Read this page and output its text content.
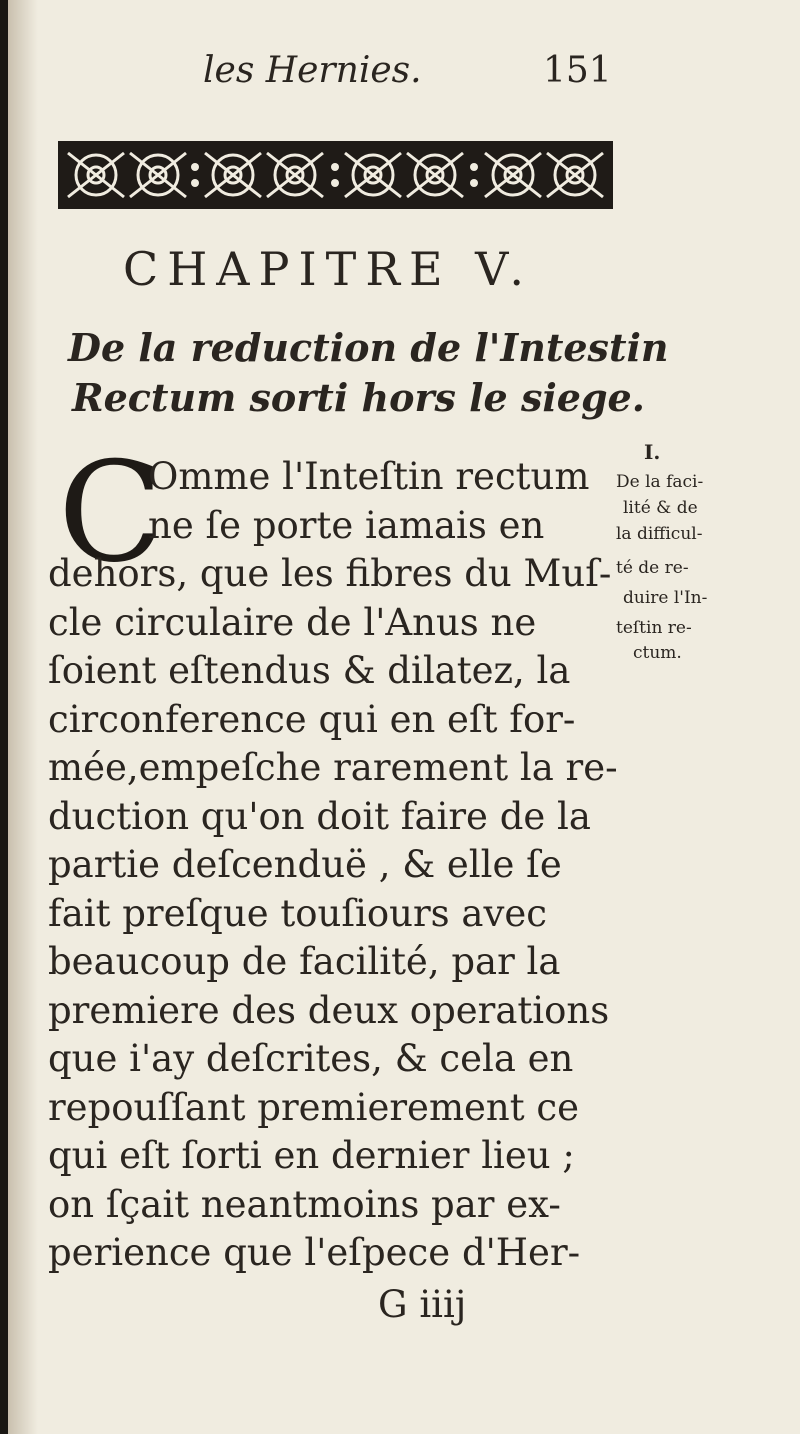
les Hernies.	151
CHAPITRE V.
De la reduction de l'Intestin
Rectum sorti hors le siege.
C
Omme l'Inteſtin rectum
ne ſe porte iamais en
dehors, que les fibres du Muſ-
cle circulaire de l'Anus ne
ſoient eſtendus & dilatez, la
circonference qui en eſt for-
mée,empeſche rarement la re-
duction qu'on doit faire de la
partie deſcenduë , & elle ſe
fait preſque touſiours avec
beaucoup de facilité, par la
premiere des deux operations
que i'ay deſcrites, & cela en
repouſſant premierement ce
qui eſt ſorti en dernier lieu ;
on ſçait neantmoins par ex-
I.
De la faci-
lité & de
la difficul-
té de re-
duire l'In-
teſtin re-
ctum.
G iiij
perience que l'eſpece d'Her-
